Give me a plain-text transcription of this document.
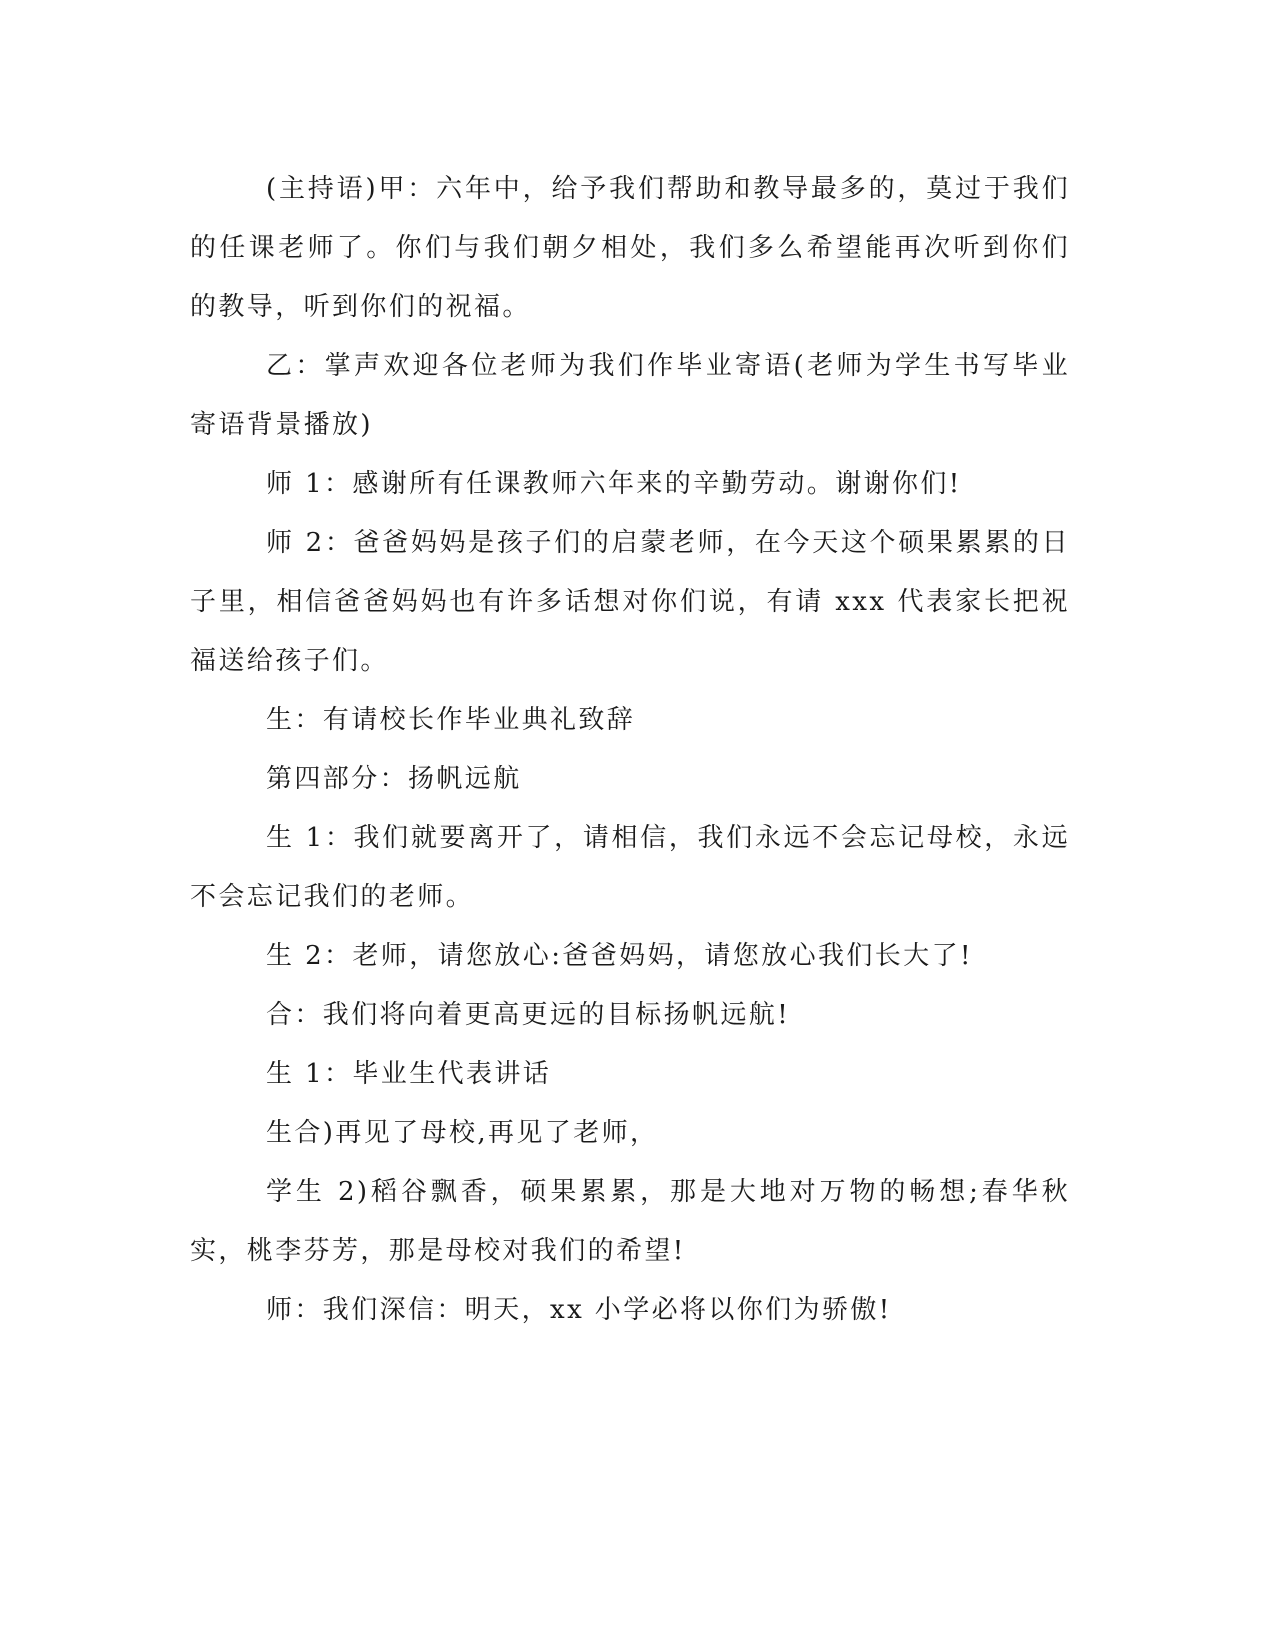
(主持语)甲：六年中，给予我们帮助和教导最多的，莫过于我们的任课老师了。你们与我们朝夕相处，我们多么希望能再次听到你们的教导，听到你们的祝福。

乙：掌声欢迎各位老师为我们作毕业寄语(老师为学生书写毕业寄语背景播放)

师 1：感谢所有任课教师六年来的辛勤劳动。谢谢你们!

师 2：爸爸妈妈是孩子们的启蒙老师，在今天这个硕果累累的日子里，相信爸爸妈妈也有许多话想对你们说，有请 xxx 代表家长把祝福送给孩子们。

生：有请校长作毕业典礼致辞

第四部分：扬帆远航

生 1：我们就要离开了，请相信，我们永远不会忘记母校，永远不会忘记我们的老师。

生 2：老师，请您放心:爸爸妈妈，请您放心我们长大了!

合：我们将向着更高更远的目标扬帆远航!

生 1：毕业生代表讲话

生合)再见了母校,再见了老师，

学生 2)稻谷飘香，硕果累累，那是大地对万物的畅想;春华秋实，桃李芬芳，那是母校对我们的希望!

师：我们深信：明天，xx 小学必将以你们为骄傲!
